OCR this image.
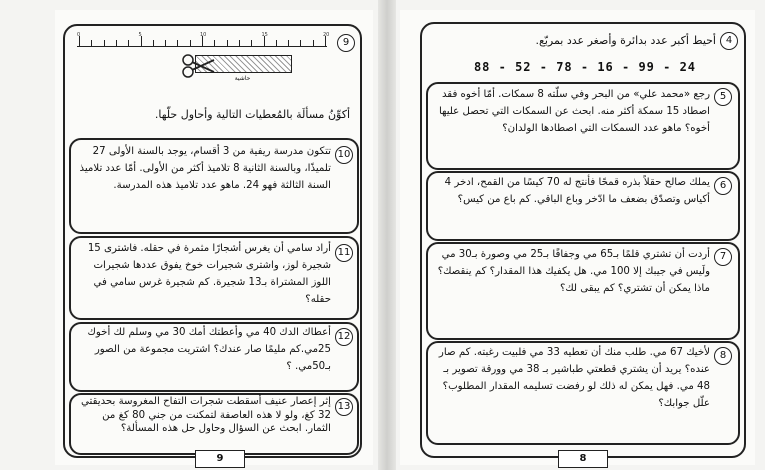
9
0	5	10	15	20
حاشية
أكوِّنُ مسألَة بالمُعطيات التالية وأحاول حلّها.
10
تتكون مدرسة ريفية من 3 أقسام، يوجد بالسنة الأولى 27 تلميذًا، وبالسنة الثانية 8 تلاميذ أكثر من الأولى. أمّا عدد تلاميذ السنة الثالثة فهو 24. ماهو عدد تلاميذ هذه المدرسة.
11
أراد سامي أن يغرس أشجارًا مثمرة في حقله. فاشترى 15 شجيرة لوز، واشترى شجيرات خوخ يفوق عددها شجيرات اللوز المشتراة بـ13 شجيرة. كم شجيرة غرس سامي في حقله؟
12
أعطاك الدك 40 مي وأعطتك أمك 30 مي وسلم لك أخوك 25مي.كم مليمًا صار عندك؟ اشتريت مجموعة من الصور بـ50مي. ؟
13
إثر إعصار عنيف أسقطت شجرات التفاح المغروسة بحديقتي 32 كغ، ولو لا هذه العاصفة لتمكنت من جني 80 كغ من الثمار. ابحث عن السؤال وحاول حل هذه المسألة؟
9
4
أحيط أكبر عدد بدائرة وأصغر عدد بمربّع.
88 - 52 - 78 - 16 - 99 - 24
5
رجع «محمد علي» من البحر وفي سلّته 8 سمكات. أمّا أخوه فقد اصطاد 15 سمكة أكثر منه. ابحث عن السمكات التي تحصل عليها أخوه؟ ماهو عدد السمكات التي اصطادها الولدان؟
6
يملك صالح حقلاً بذره قمحًا فأنتج له 70 كيسًا من القمح، ادخر 4 أكياس وتصدّق بضعف ما ادّخر وباع الباقي. كم باع من كيس؟
7
أردت أن تشتري قلمًا بـ65 مي وجفافًا بـ25 مي وصورة بـ30 مي ولَيس في جيبك إلا 100 مي. هل يكفيك هذا المقدار؟ كم ينقصك؟ ماذا يمكن أن تشتري؟ كم يبقى لك؟
8
لأخيك 67 مي. طلب منك أن تعطيه 33 مي فلبيت رغبته. كم صار عنده؟ يريد أن يشتري قطعتي طباشير بـ 38 مي وورقة تصوير بـ 48 مي. فهل يمكن له ذلك لو رفضت تسليمه المقدار المطلوب؟ علّل جوابك؟
8
